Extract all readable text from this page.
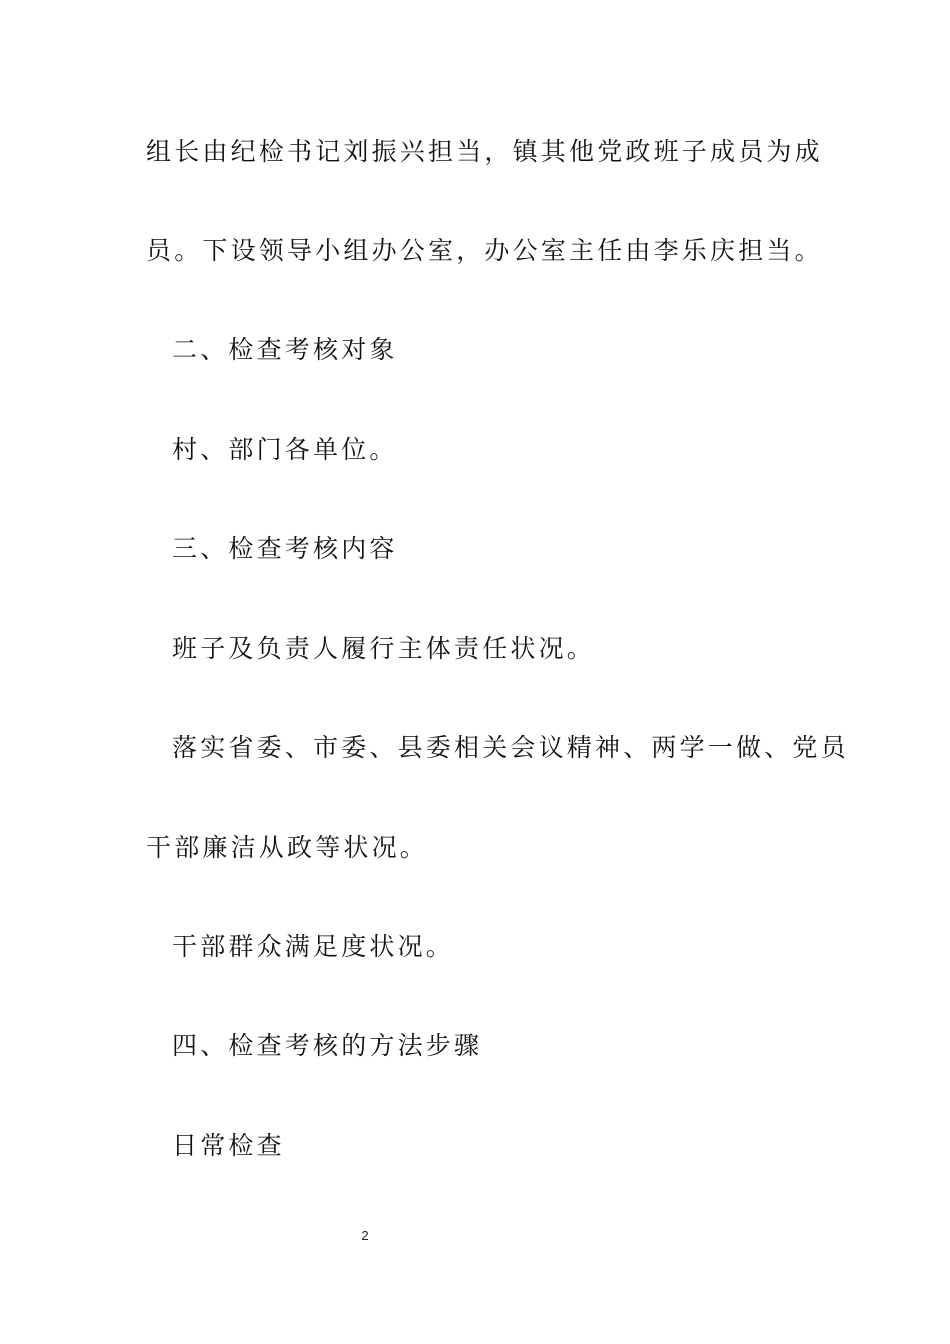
组长由纪检书记刘振兴担当，镇其他党政班子成员为成
员。下设领导小组办公室，办公室主任由李乐庆担当。
二、检查考核对象
村、部门各单位。
三、检查考核内容
班子及负责人履行主体责任状况。
落实省委、市委、县委相关会议精神、两学一做、党员
干部廉洁从政等状况。
干部群众满足度状况。
四、检查考核的方法步骤
日常检查
2
